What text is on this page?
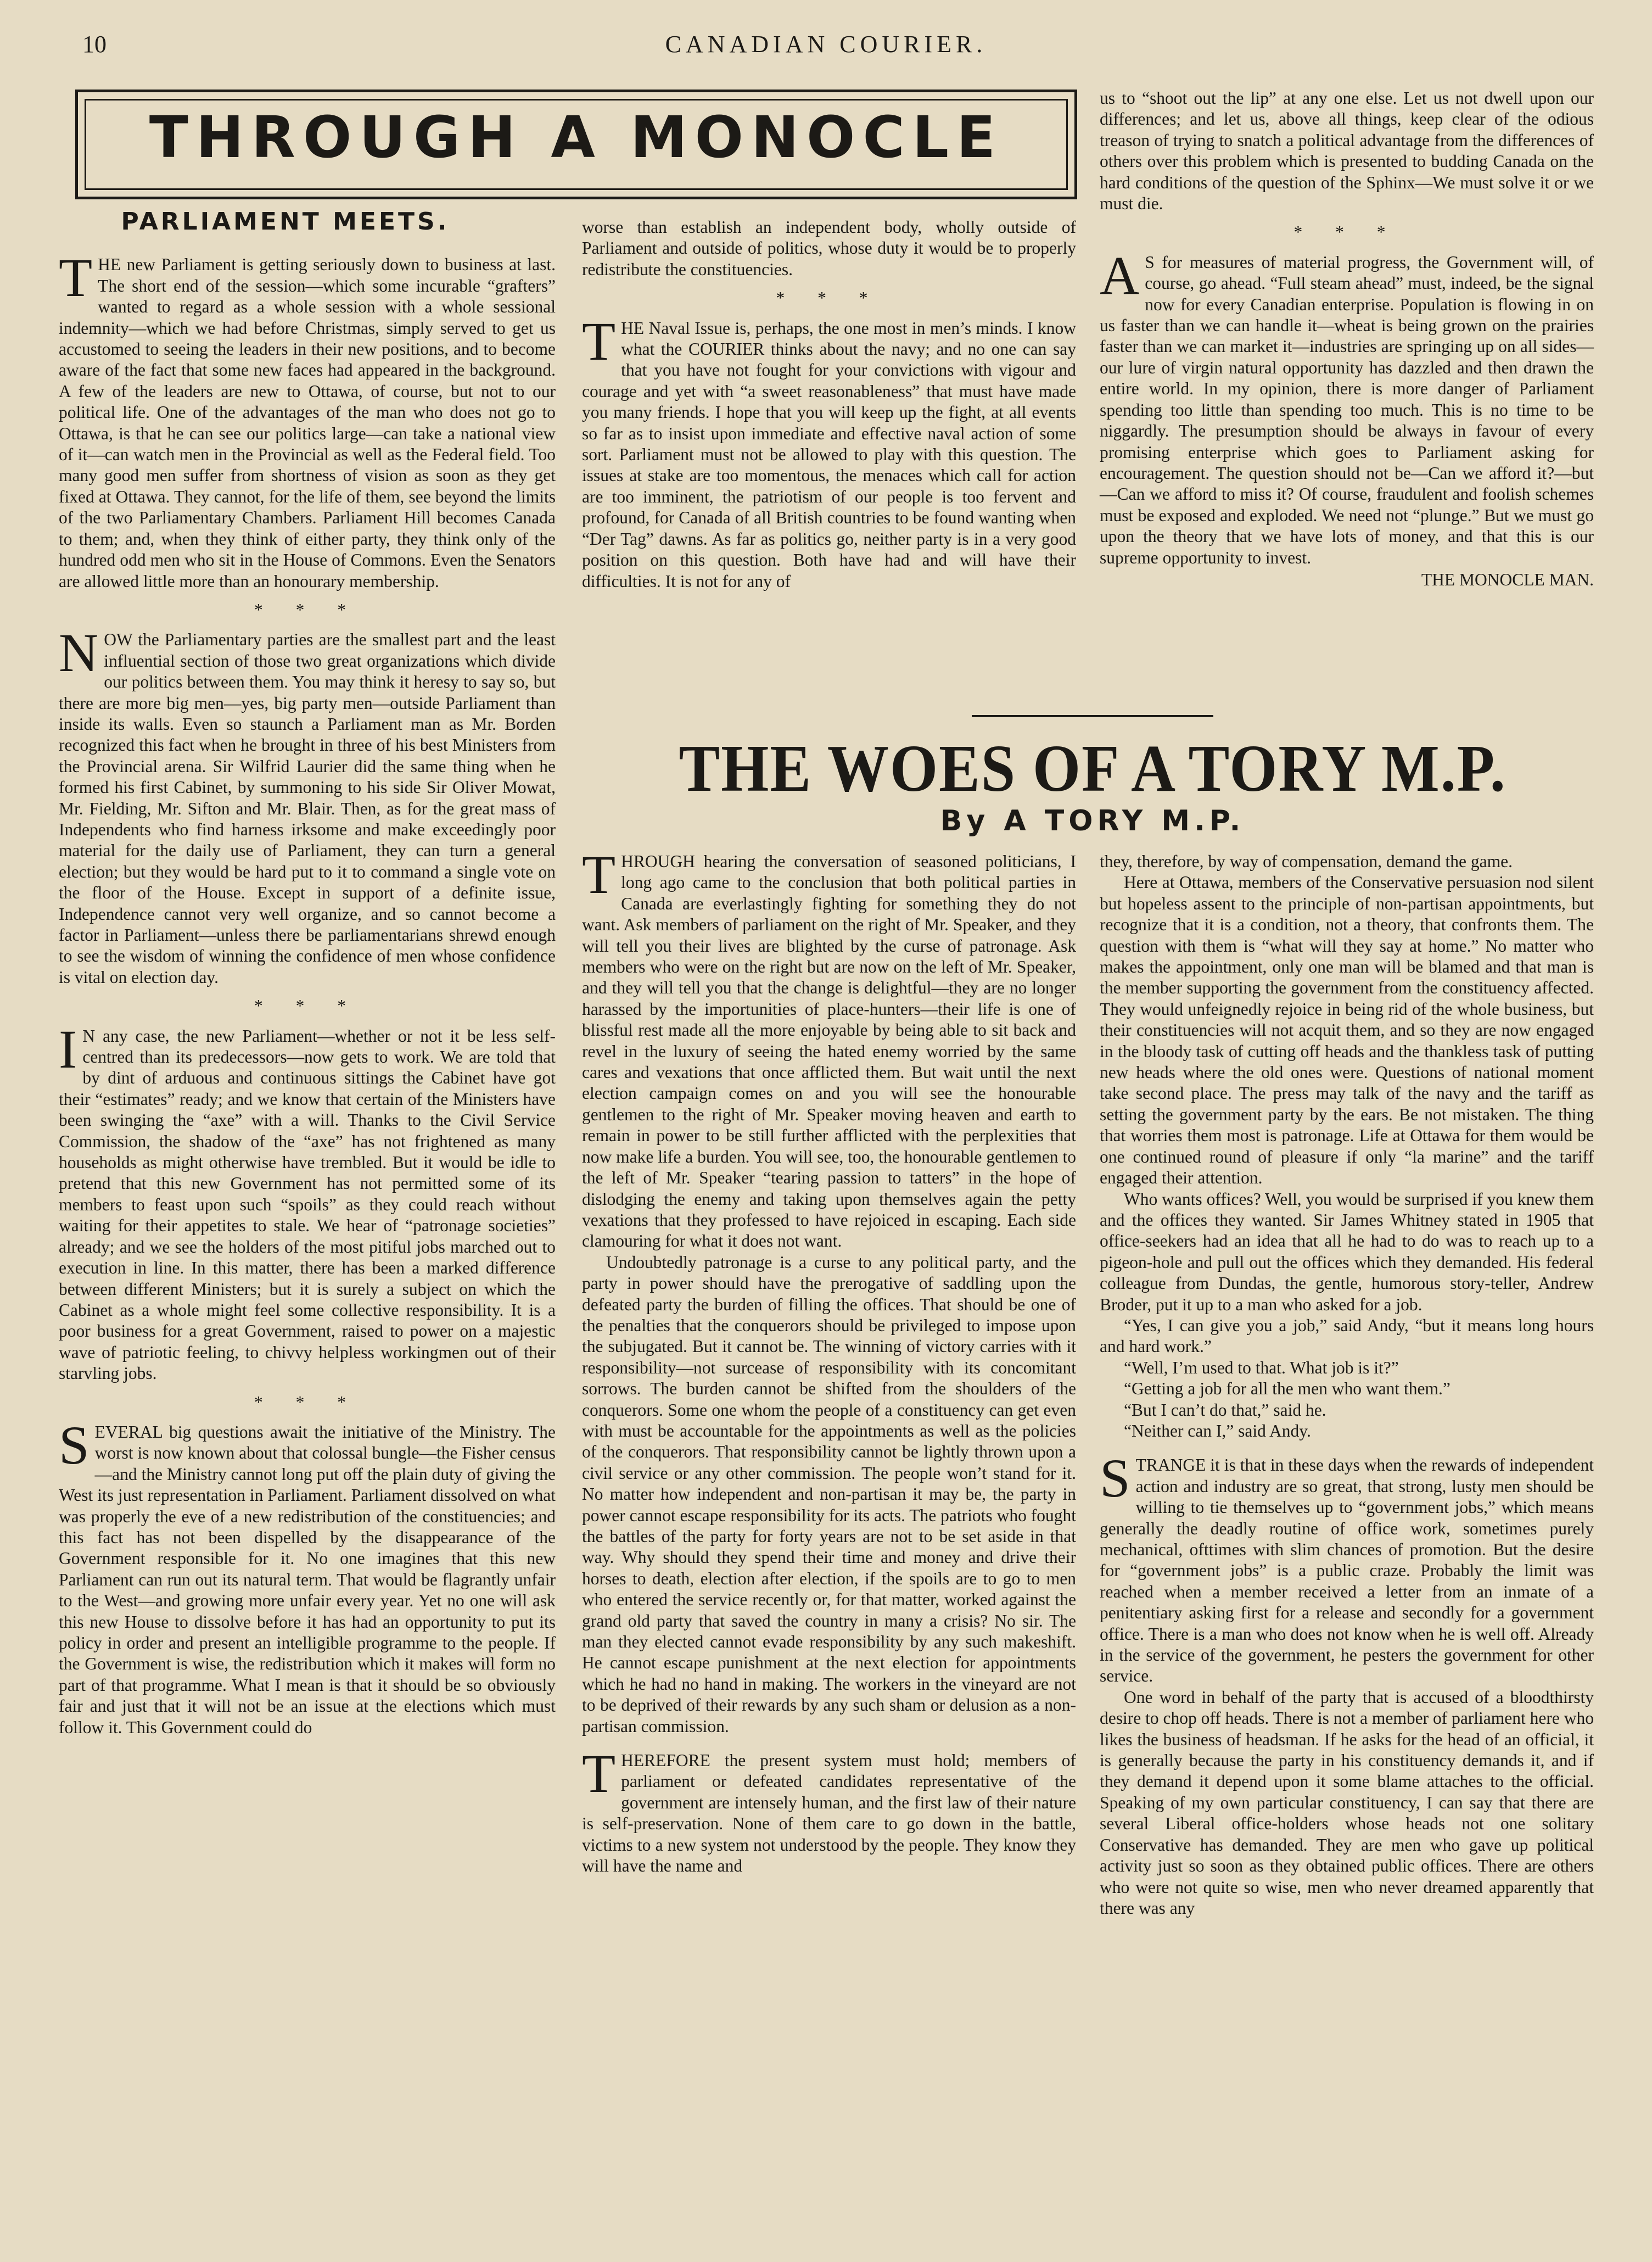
10	CANADIAN COURIER.
THROUGH A MONOCLE
PARLIAMENT MEETS.

THE new Parliament is getting seriously down to business at last. The short end of the session—which some incurable “grafters” wanted to regard as a whole session with a whole sessional indemnity—which we had before Christmas, simply served to get us accustomed to seeing the leaders in their new positions, and to become aware of the fact that some new faces had appeared in the background. A few of the leaders are new to Ottawa, of course, but not to our political life. One of the advantages of the man who does not go to Ottawa, is that he can see our politics large—can take a national view of it—can watch men in the Provincial as well as the Federal field. Too many good men suffer from shortness of vision as soon as they get fixed at Ottawa. They cannot, for the life of them, see beyond the limits of the two Parliamentary Chambers. Parliament Hill becomes Canada to them; and, when they think of either party, they think only of the hundred odd men who sit in the House of Commons. Even the Senators are allowed little more than an honourary membership.

* * *

NOW the Parliamentary parties are the smallest part and the least influential section of those two great organizations which divide our politics between them. You may think it heresy to say so, but there are more big men—yes, big party men—outside Parliament than inside its walls. Even so staunch a Parliament man as Mr. Borden recognized this fact when he brought in three of his best Ministers from the Provincial arena. Sir Wilfrid Laurier did the same thing when he formed his first Cabinet, by summoning to his side Sir Oliver Mowat, Mr. Fielding, Mr. Sifton and Mr. Blair. Then, as for the great mass of Independents who find harness irksome and make exceedingly poor material for the daily use of Parliament, they can turn a general election; but they would be hard put to it to command a single vote on the floor of the House. Except in support of a definite issue, Independence cannot very well organize, and so cannot become a factor in Parliament—unless there be parliamentarians shrewd enough to see the wisdom of winning the confidence of men whose confidence is vital on election day.

* * *

IN any case, the new Parliament—whether or not it be less self-centred than its predecessors—now gets to work. We are told that by dint of arduous and continuous sittings the Cabinet have got their “estimates” ready; and we know that certain of the Ministers have been swinging the “axe” with a will. Thanks to the Civil Service Commission, the shadow of the “axe” has not frightened as many households as might otherwise have trembled. But it would be idle to pretend that this new Government has not permitted some of its members to feast upon such “spoils” as they could reach without waiting for their appetites to stale. We hear of “patronage societies” already; and we see the holders of the most pitiful jobs marched out to execution in line. In this matter, there has been a marked difference between different Ministers; but it is surely a subject on which the Cabinet as a whole might feel some collective responsibility. It is a poor business for a great Government, raised to power on a majestic wave of patriotic feeling, to chivvy helpless workingmen out of their starvling jobs.

* * *

SEVERAL big questions await the initiative of the Ministry. The worst is now known about that colossal bungle—the Fisher census—and the Ministry cannot long put off the plain duty of giving the West its just representation in Parliament. Parliament dissolved on what was properly the eve of a new redistribution of the constituencies; and this fact has not been dispelled by the disappearance of the Government responsible for it. No one imagines that this new Parliament can run out its natural term. That would be flagrantly unfair to the West—and growing more unfair every year. Yet no one will ask this new House to dissolve before it has had an opportunity to put its policy in order and present an intelligible programme to the people. If the Government is wise, the redistribution which it makes will form no part of that programme. What I mean is that it should be so obviously fair and just that it will not be an issue at the elections which must follow it. This Government could do

worse than establish an independent body, wholly outside of Parliament and outside of politics, whose duty it would be to properly redistribute the constituencies.

* * *

THE Naval Issue is, perhaps, the one most in men’s minds. I know what the COURIER thinks about the navy; and no one can say that you have not fought for your convictions with vigour and courage and yet with “a sweet reasonableness” that must have made you many friends. I hope that you will keep up the fight, at all events so far as to insist upon immediate and effective naval action of some sort. Parliament must not be allowed to play with this question. The issues at stake are too momentous, the menaces which call for action are too imminent, the patriotism of our people is too fervent and profound, for Canada of all British countries to be found wanting when “Der Tag” dawns. As far as politics go, neither party is in a very good position on this question. Both have had and will have their difficulties. It is not for any of

us to “shoot out the lip” at any one else. Let us not dwell upon our differences; and let us, above all things, keep clear of the odious treason of trying to snatch a political advantage from the differences of others over this problem which is presented to budding Canada on the hard conditions of the question of the Sphinx—We must solve it or we must die.

* * *

AS for measures of material progress, the Government will, of course, go ahead. “Full steam ahead” must, indeed, be the signal now for every Canadian enterprise. Population is flowing in on us faster than we can handle it—wheat is being grown on the prairies faster than we can market it—industries are springing up on all sides—our lure of virgin natural opportunity has dazzled and then drawn the entire world. In my opinion, there is more danger of Parliament spending too little than spending too much. This is no time to be niggardly. The presumption should be always in favour of every promising enterprise which goes to Parliament asking for encouragement. The question should not be—Can we afford it?—but—Can we afford to miss it? Of course, fraudulent and foolish schemes must be exposed and exploded. We need not “plunge.” But we must go upon the theory that we have lots of money, and that this is our supreme opportunity to invest.

THE MONOCLE MAN.
THE WOES OF A TORY M.P.
By A TORY M.P.

THROUGH hearing the conversation of seasoned politicians, I long ago came to the conclusion that both political parties in Canada are everlastingly fighting for something they do not want. Ask members of parliament on the right of Mr. Speaker, and they will tell you their lives are blighted by the curse of patronage. Ask members who were on the right but are now on the left of Mr. Speaker, and they will tell you that the change is delightful—they are no longer harassed by the importunities of place-hunters—their life is one of blissful rest made all the more enjoyable by being able to sit back and revel in the luxury of seeing the hated enemy worried by the same cares and vexations that once afflicted them. But wait until the next election campaign comes on and you will see the honourable gentlemen to the right of Mr. Speaker moving heaven and earth to remain in power to be still further afflicted with the perplexities that now make life a burden. You will see, too, the honourable gentlemen to the left of Mr. Speaker “tearing passion to tatters” in the hope of dislodging the enemy and taking upon themselves again the petty vexations that they professed to have rejoiced in escaping. Each side clamouring for what it does not want.

Undoubtedly patronage is a curse to any political party, and the party in power should have the prerogative of saddling upon the defeated party the burden of filling the offices. That should be one of the penalties that the conquerors should be privileged to impose upon the subjugated. But it cannot be. The winning of victory carries with it responsibility—not surcease of responsibility with its concomitant sorrows. The burden cannot be shifted from the shoulders of the conquerors. Some one whom the people of a constituency can get even with must be accountable for the appointments as well as the policies of the conquerors. That responsibility cannot be lightly thrown upon a civil service or any other commission. The people won’t stand for it. No matter how independent and non-partisan it may be, the party in power cannot escape responsibility for its acts. The patriots who fought the battles of the party for forty years are not to be set aside in that way. Why should they spend their time and money and drive their horses to death, election after election, if the spoils are to go to men who entered the service recently or, for that matter, worked against the grand old party that saved the country in many a crisis? No sir. The man they elected cannot evade responsibility by any such makeshift. He cannot escape punishment at the next election for appointments which he had no hand in making. The workers in the vineyard are not to be deprived of their rewards by any such sham or delusion as a non-partisan commission.

THEREFORE the present system must hold; members of parliament or defeated candidates representative of the government are intensely human, and the first law of their nature is self-preservation. None of them care to go down in the battle, victims to a new system not understood by the people. They know they will have the name and

they, therefore, by way of compensation, demand the game.

Here at Ottawa, members of the Conservative persuasion nod silent but hopeless assent to the principle of non-partisan appointments, but recognize that it is a condition, not a theory, that confronts them. The question with them is “what will they say at home.” No matter who makes the appointment, only one man will be blamed and that man is the member supporting the government from the constituency affected. They would unfeignedly rejoice in being rid of the whole business, but their constituencies will not acquit them, and so they are now engaged in the bloody task of cutting off heads and the thankless task of putting new heads where the old ones were. Questions of national moment take second place. The press may talk of the navy and the tariff as setting the government party by the ears. Be not mistaken. The thing that worries them most is patronage. Life at Ottawa for them would be one continued round of pleasure if only “la marine” and the tariff engaged their attention.

Who wants offices? Well, you would be surprised if you knew them and the offices they wanted. Sir James Whitney stated in 1905 that office-seekers had an idea that all he had to do was to reach up to a pigeon-hole and pull out the offices which they demanded. His federal colleague from Dundas, the gentle, humorous story-teller, Andrew Broder, put it up to a man who asked for a job.

“Yes, I can give you a job,” said Andy, “but it means long hours and hard work.”

“Well, I’m used to that. What job is it?”

“Getting a job for all the men who want them.”

“But I can’t do that,” said he.

“Neither can I,” said Andy.

STRANGE it is that in these days when the rewards of independent action and industry are so great, that strong, lusty men should be willing to tie themselves up to “government jobs,” which means generally the deadly routine of office work, sometimes purely mechanical, ofttimes with slim chances of promotion. But the desire for “government jobs” is a public craze. Probably the limit was reached when a member received a letter from an inmate of a penitentiary asking first for a release and secondly for a government office. There is a man who does not know when he is well off. Already in the service of the government, he pesters the government for other service.

One word in behalf of the party that is accused of a bloodthirsty desire to chop off heads. There is not a member of parliament here who likes the business of headsman. If he asks for the head of an official, it is generally because the party in his constituency demands it, and if they demand it depend upon it some blame attaches to the official. Speaking of my own particular constituency, I can say that there are several Liberal office-holders whose heads not one solitary Conservative has demanded. They are men who gave up political activity just so soon as they obtained public offices. There are others who were not quite so wise, men who never dreamed apparently that there was any
